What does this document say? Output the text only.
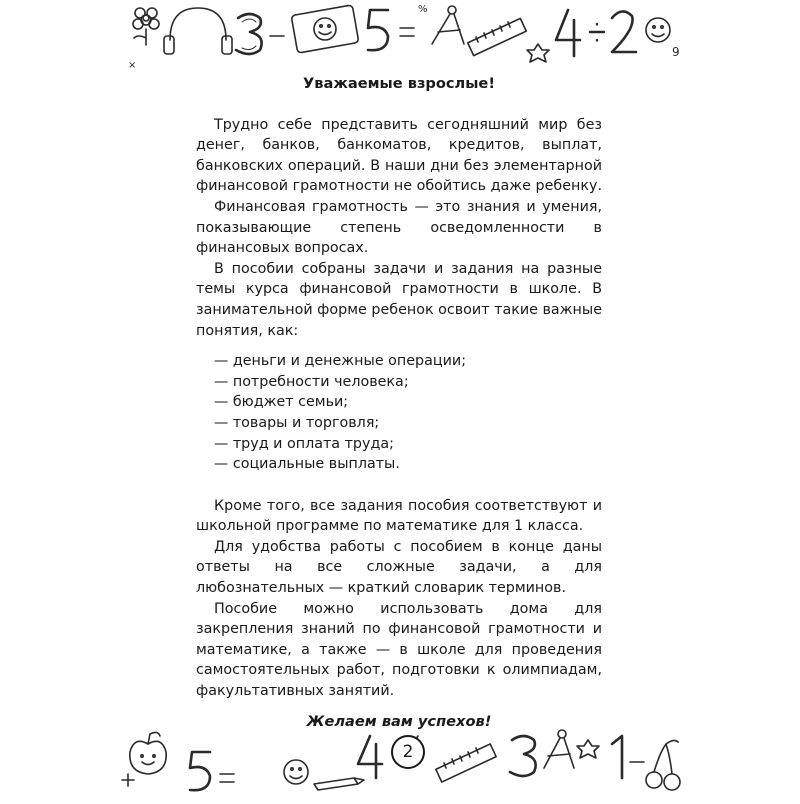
9
%
×
Уважаемые взрослые!

Трудно себе представить сегодняшний мир без денег, банков, банкоматов, кредитов, выплат, банковских операций. В наши дни без элементарной финансовой грамотности не обойтись даже ребенку.

Финансовая грамотность — это знания и умения, показывающие степень осведомленности в финансовых вопросах.

В пособии собраны задачи и задания на разные темы курса финансовой грамотности в школе. В занимательной форме ребенок освоит такие важные понятия, как:

— деньги и денежные операции;
— потребности человека;
— бюджет семьи;
— товары и торговля;
— труд и оплата труда;
— социальные выплаты.

Кроме того, все задания пособия соответствуют и школьной программе по математике для 1 класса.

Для удобства работы с пособием в конце даны ответы на все сложные задачи, а для любознательных — краткий словарик терминов.

Пособие можно использовать дома для закрепления знаний по финансовой грамотности и математике, а также — в школе для проведения самостоятельных работ, подготовки к олимпиадам, факультативных занятий.

Желаем вам успехов!
2
